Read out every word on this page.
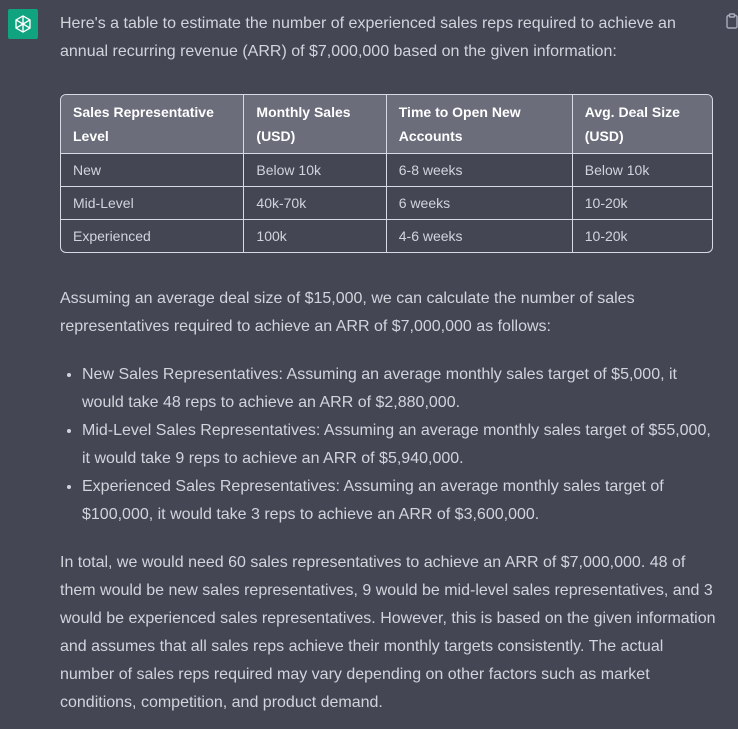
Here's a table to estimate the number of experienced sales reps required to achieve an annual recurring revenue (ARR) of $7,000,000 based on the given information:

Sales Representative Level	Monthly Sales (USD)	Time to Open New Accounts	Avg. Deal Size (USD)
New	Below 10k	6-8 weeks	Below 10k
Mid-Level	40k-70k	6 weeks	10-20k
Experienced	100k	4-6 weeks	10-20k

Assuming an average deal size of $15,000, we can calculate the number of sales representatives required to achieve an ARR of $7,000,000 as follows:

New Sales Representatives: Assuming an average monthly sales target of $5,000, it would take 48 reps to achieve an ARR of $2,880,000.
Mid-Level Sales Representatives: Assuming an average monthly sales target of $55,000, it would take 9 reps to achieve an ARR of $5,940,000.
Experienced Sales Representatives: Assuming an average monthly sales target of $100,000, it would take 3 reps to achieve an ARR of $3,600,000.

In total, we would need 60 sales representatives to achieve an ARR of $7,000,000. 48 of them would be new sales representatives, 9 would be mid-level sales representatives, and 3 would be experienced sales representatives. However, this is based on the given information and assumes that all sales reps achieve their monthly targets consistently. The actual number of sales reps required may vary depending on other factors such as market conditions, competition, and product demand.
